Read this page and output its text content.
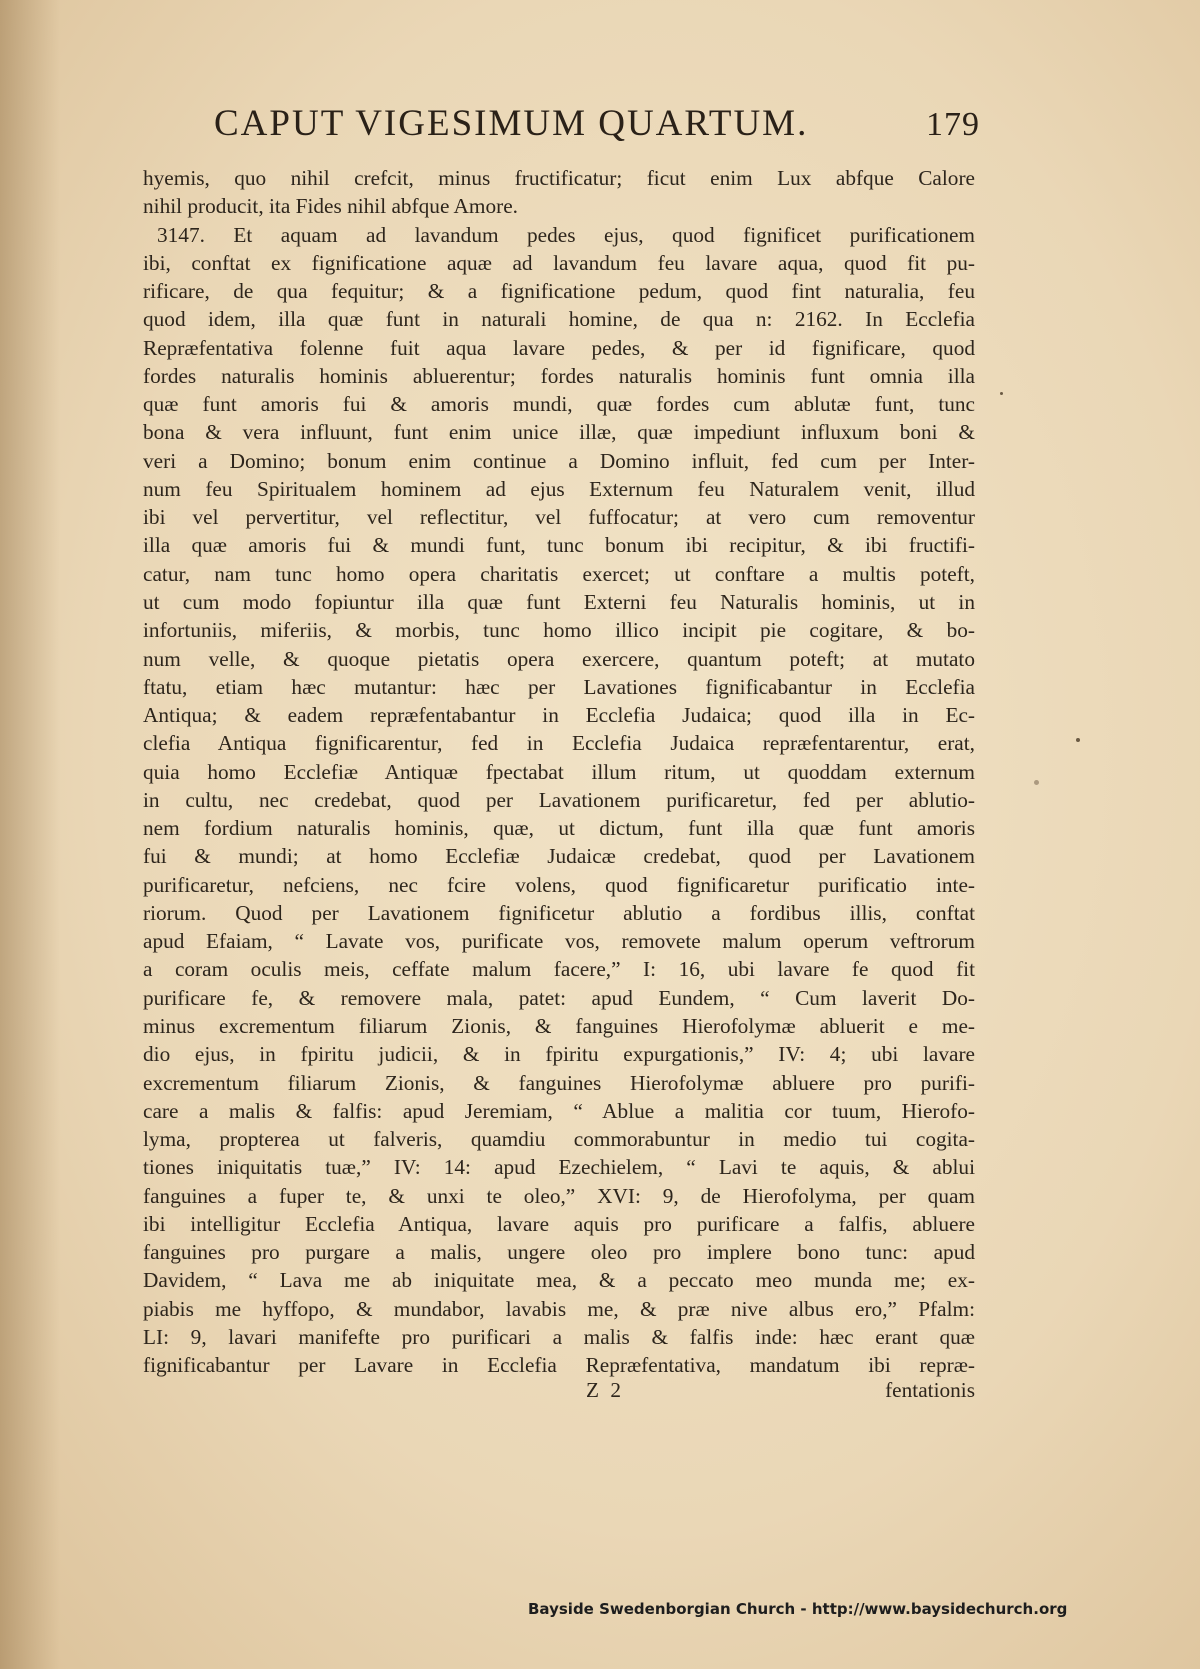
CAPUT VIGESIMUM QUARTUM.	179
hyemis, quo nihil crefcit, minus fructificatur; ficut enim Lux abfque Calore
nihil producit, ita Fides nihil abfque Amore.
3147. Et aquam ad lavandum pedes ejus, quod fignificet purificationem
ibi, conftat ex fignificatione aquæ ad lavandum feu lavare aqua, quod fit pu-
rificare, de qua fequitur; & a fignificatione pedum, quod fint naturalia, feu
quod idem, illa quæ funt in naturali homine, de qua n: 2162. In Ecclefia
Repræfentativa folenne fuit aqua lavare pedes, & per id fignificare, quod
fordes naturalis hominis abluerentur; fordes naturalis hominis funt omnia illa
quæ funt amoris fui & amoris mundi, quæ fordes cum ablutæ funt, tunc
bona & vera influunt, funt enim unice illæ, quæ impediunt influxum boni &
veri a Domino; bonum enim continue a Domino influit, fed cum per Inter-
num feu Spiritualem hominem ad ejus Externum feu Naturalem venit, illud
ibi vel pervertitur, vel reflectitur, vel fuffocatur; at vero cum removentur
illa quæ amoris fui & mundi funt, tunc bonum ibi recipitur, & ibi fructifi-
catur, nam tunc homo opera charitatis exercet; ut conftare a multis poteft,
ut cum modo fopiuntur illa quæ funt Externi feu Naturalis hominis, ut in
infortuniis, miferiis, & morbis, tunc homo illico incipit pie cogitare, & bo-
num velle, & quoque pietatis opera exercere, quantum poteft; at mutato
ftatu, etiam hæc mutantur: hæc per Lavationes fignificabantur in Ecclefia
Antiqua; & eadem repræfentabantur in Ecclefia Judaica; quod illa in Ec-
clefia Antiqua fignificarentur, fed in Ecclefia Judaica repræfentarentur, erat,
quia homo Ecclefiæ Antiquæ fpectabat illum ritum, ut quoddam externum
in cultu, nec credebat, quod per Lavationem purificaretur, fed per ablutio-
nem fordium naturalis hominis, quæ, ut dictum, funt illa quæ funt amoris
fui & mundi; at homo Ecclefiæ Judaicæ credebat, quod per Lavationem
purificaretur, nefciens, nec fcire volens, quod fignificaretur purificatio inte-
riorum. Quod per Lavationem fignificetur ablutio a fordibus illis, conftat
apud Efaiam, “ Lavate vos, purificate vos, removete malum operum veftrorum
a coram oculis meis, ceffate malum facere,” I: 16, ubi lavare fe quod fit
purificare fe, & removere mala, patet: apud Eundem, “ Cum laverit Do-
minus excrementum filiarum Zionis, & fanguines Hierofolymæ abluerit e me-
dio ejus, in fpiritu judicii, & in fpiritu expurgationis,” IV: 4; ubi lavare
excrementum filiarum Zionis, & fanguines Hierofolymæ abluere pro purifi-
care a malis & falfis: apud Jeremiam, “ Ablue a malitia cor tuum, Hierofo-
lyma, propterea ut falveris, quamdiu commorabuntur in medio tui cogita-
tiones iniquitatis tuæ,” IV: 14: apud Ezechielem, “ Lavi te aquis, & ablui
fanguines a fuper te, & unxi te oleo,” XVI: 9, de Hierofolyma, per quam
ibi intelligitur Ecclefia Antiqua, lavare aquis pro purificare a falfis, abluere
fanguines pro purgare a malis, ungere oleo pro implere bono tunc: apud
Davidem, “ Lava me ab iniquitate mea, & a peccato meo munda me; ex-
piabis me hyffopo, & mundabor, lavabis me, & præ nive albus ero,” Pfalm:
LI: 9, lavari manifefte pro purificari a malis & falfis inde: hæc erant quæ
fignificabantur per Lavare in Ecclefia Repræfentativa, mandatum ibi repræ-
Z 2	fentationis
Bayside Swedenborgian Church - http://www.baysidechurch.org
